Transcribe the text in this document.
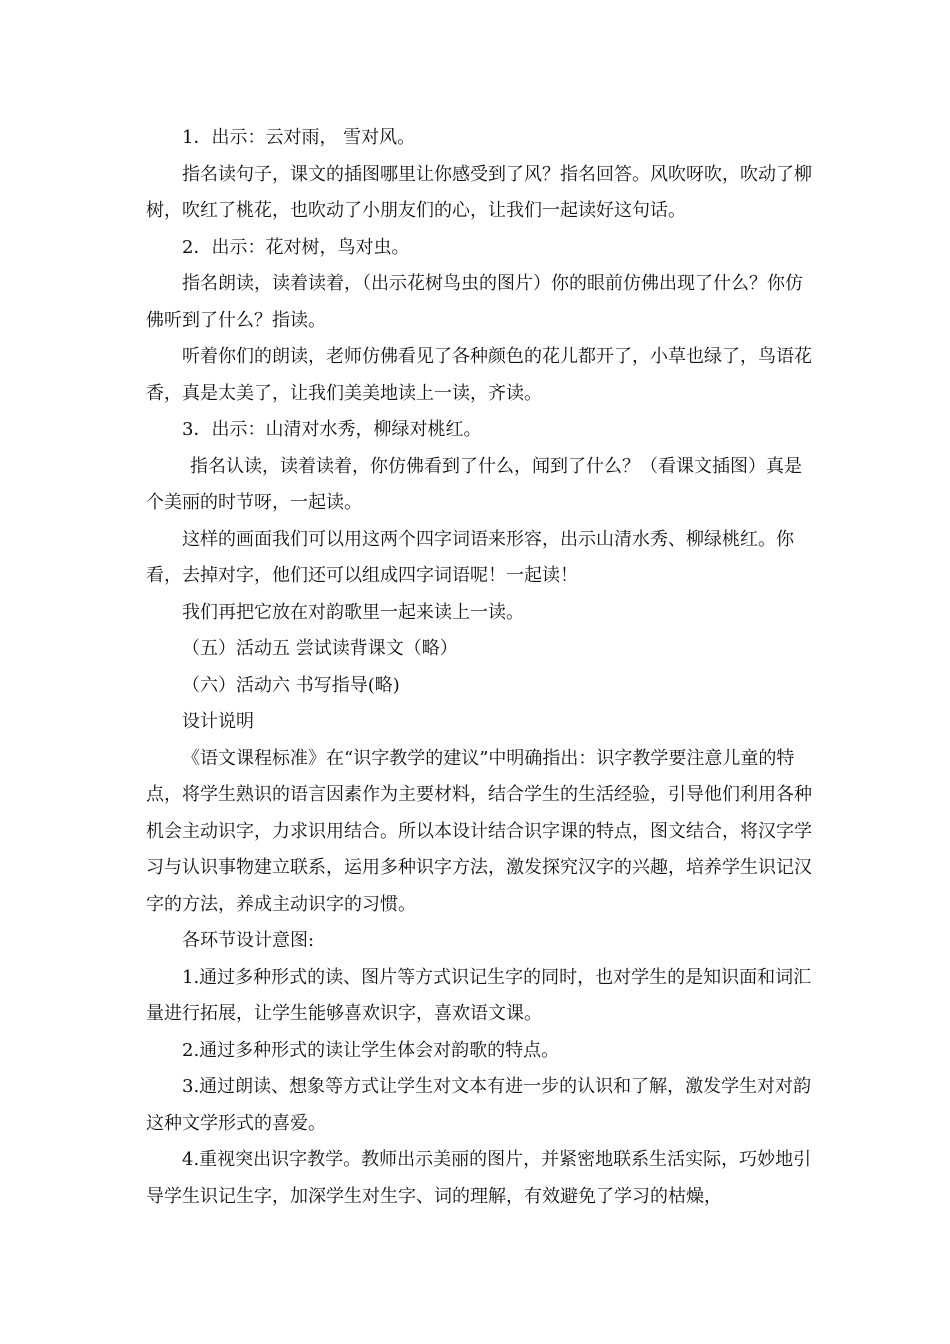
1．出示：云对雨， 雪对风。

指名读句子，课文的插图哪里让你感受到了风？指名回答。风吹呀吹，吹动了柳树，吹红了桃花，也吹动了小朋友们的心，让我们一起读好这句话。

2．出示：花对树，鸟对虫。

指名朗读，读着读着，（出示花树鸟虫的图片）你的眼前仿佛出现了什么？你仿佛听到了什么？指读。

听着你们的朗读，老师仿佛看见了各种颜色的花儿都开了，小草也绿了，鸟语花香，真是太美了，让我们美美地读上一读，齐读。

3．出示：山清对水秀，柳绿对桃红。

指名认读，读着读着，你仿佛看到了什么，闻到了什么？（看课文插图）真是个美丽的时节呀，一起读。

这样的画面我们可以用这两个四字词语来形容，出示山清水秀、柳绿桃红。你看，去掉对字，他们还可以组成四字词语呢！一起读！

我们再把它放在对韵歌里一起来读上一读。

（五）活动五 尝试读背课文（略）

（六）活动六 书写指导(略)

设计说明

《语文课程标准》在“识字教学的建议”中明确指出：识字教学要注意儿童的特点，将学生熟识的语言因素作为主要材料，结合学生的生活经验，引导他们利用各种机会主动识字，力求识用结合。所以本设计结合识字课的特点，图文结合，将汉字学习与认识事物建立联系，运用多种识字方法，激发探究汉字的兴趣，培养学生识记汉字的方法，养成主动识字的习惯。

各环节设计意图:

1.通过多种形式的读、图片等方式识记生字的同时，也对学生的是知识面和词汇量进行拓展，让学生能够喜欢识字，喜欢语文课。

2.通过多种形式的读让学生体会对韵歌的特点。

3.通过朗读、想象等方式让学生对文本有进一步的认识和了解，激发学生对对韵这种文学形式的喜爱。

4.重视突出识字教学。教师出示美丽的图片，并紧密地联系生活实际，巧妙地引导学生识记生字，加深学生对生字、词的理解，有效避免了学习的枯燥，
